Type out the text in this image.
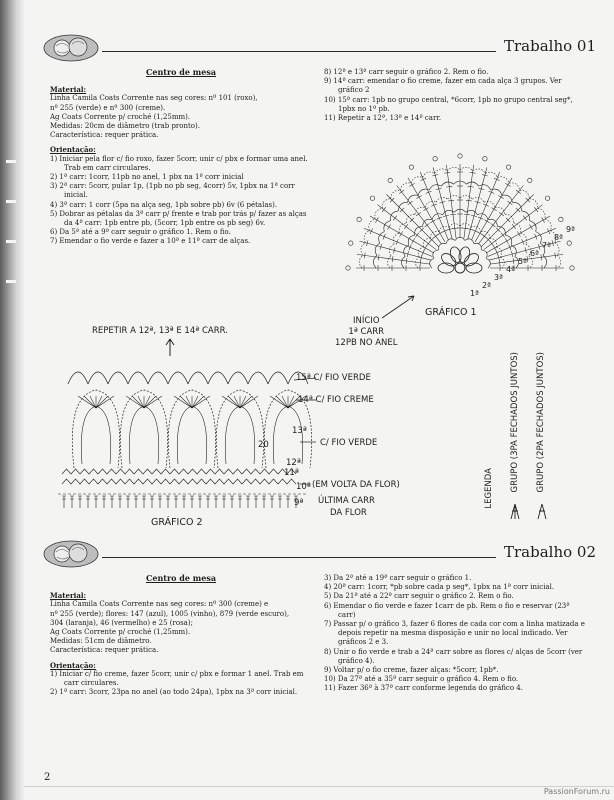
Trabalho 01

Centro de mesa

Material:

Linha Camila Coats Corrente nas seg cores: nº 101 (roxo),

nº 255 (verde) e nº 300 (creme).

Ag Coats Corrente p/ croché (1,25mm).

Medidas: 20cm de diâmetro (trab pronto).

Característica: requer prática.

Orientação:

1) Iniciar pela flor c/ fio roxo, fazer 5corr, unir c/ pbx e formar uma anel. Trab em carr circulares.

2) 1ª carr: 1corr, 11pb no anel, 1 pbx na 1ª corr inicial

3) 2ª carr: 5corr, pular 1p, (1pb no pb seg, 4corr) 5v, 1pbx na 1ª corr inicial.

4) 3ª carr: 1 corr (5pa na alça seg, 1pb sobre pb) 6v (6 pétalas).

5) Dobrar as pétalas da 3ª carr p/ frente e trab por trás p/ fazer as alças da 4ª carr: 1pb entre pb, (5corr, 1pb entre os pb seg) 6v.

6) Da 5ª até a 9ª carr seguir o gráfico 1. Rem o fio.

7) Emendar o fio verde e fazer a 10ª e 11ª carr de alças.

8) 12ª e 13ª carr seguir o gráfico 2. Rem o fio.

9) 14ª carr: emendar o fio creme, fazer em cada alça 3 grupos. Ver gráfico 2

10) 15ª carr: 1pb no grupo central, *6corr, 1pb no grupo central seg*, 1pbx no 1º pb.

11) Repetir a 12ª, 13ª e 14ª carr.

1ª
2ª
3ª
4ª
5ª
6ª
7ª
8ª
9ª
GRÁFICO 1
INÍCIO
1ª CARR
12PB NO ANEL
REPETIR A 12ª, 13ª E 14ª CARR.
15ª C/ FIO VERDE
14ª C/ FIO CREME
C/ FIO VERDE
(EM VOLTA DA FLOR)
ÚLTIMA CARR
DA FLOR
20
13ª
12ª
11ª
10ª
9ª
GRÁFICO 2
LEGENDA GRUPO (3PA FECHADOS JUNTOS) GRUPO (2PA FECHADOS JUNTOS)
Trabalho 02

Centro de mesa

Material:

Linha Camila Coats Corrente nas seg cores: nº 300 (creme) e

nº 255 (verde); flores: 147 (azul), 1005 (vinho), 879 (verde escuro),

304 (laranja), 46 (vermelho) e 25 (rosa);

Ag Coats Corrente p/ croché (1,25mm).

Medidas: 51cm de diâmetro.

Característica: requer prática.

Orientação:

1) Iniciar c/ fio creme, fazer 5corr, unir c/ pbx e formar 1 anel. Trab em carr circulares.

2) 1ª carr: 3corr, 23pa no anel (ao todo 24pa), 1pbx na 3ª corr inicial.

3) Da 2ª até a 19ª carr seguir o gráfico 1.

4) 20ª carr: 1corr, *pb sobre cada p seg*, 1pbx na 1ª corr inicial.

5) Da 21ª até a 22ª carr seguir o gráfico 2. Rem o fio.

6) Emendar o fio verde e fazer 1carr de pb. Rem o fio e reservar (23ª carr)

7) Passar p/ o gráfico 3, fazer 6 flores de cada cor com a linha matizada e depois repetir na mesma disposição e unir no local indicado. Ver gráficos 2 e 3.

8) Unir o fio verde e trab a 24ª carr sobre as flores c/ alças de 5corr (ver gráfico 4).

9) Voltar p/ o fio creme, fazer alças: *5corr, 1pb*.

10) Da 27ª até a 35ª carr seguir o gráfico 4. Rem o fio.

11) Fazer 36ª à 37ª carr conforme legenda do gráfico 4.

2
PassionForum.ru
